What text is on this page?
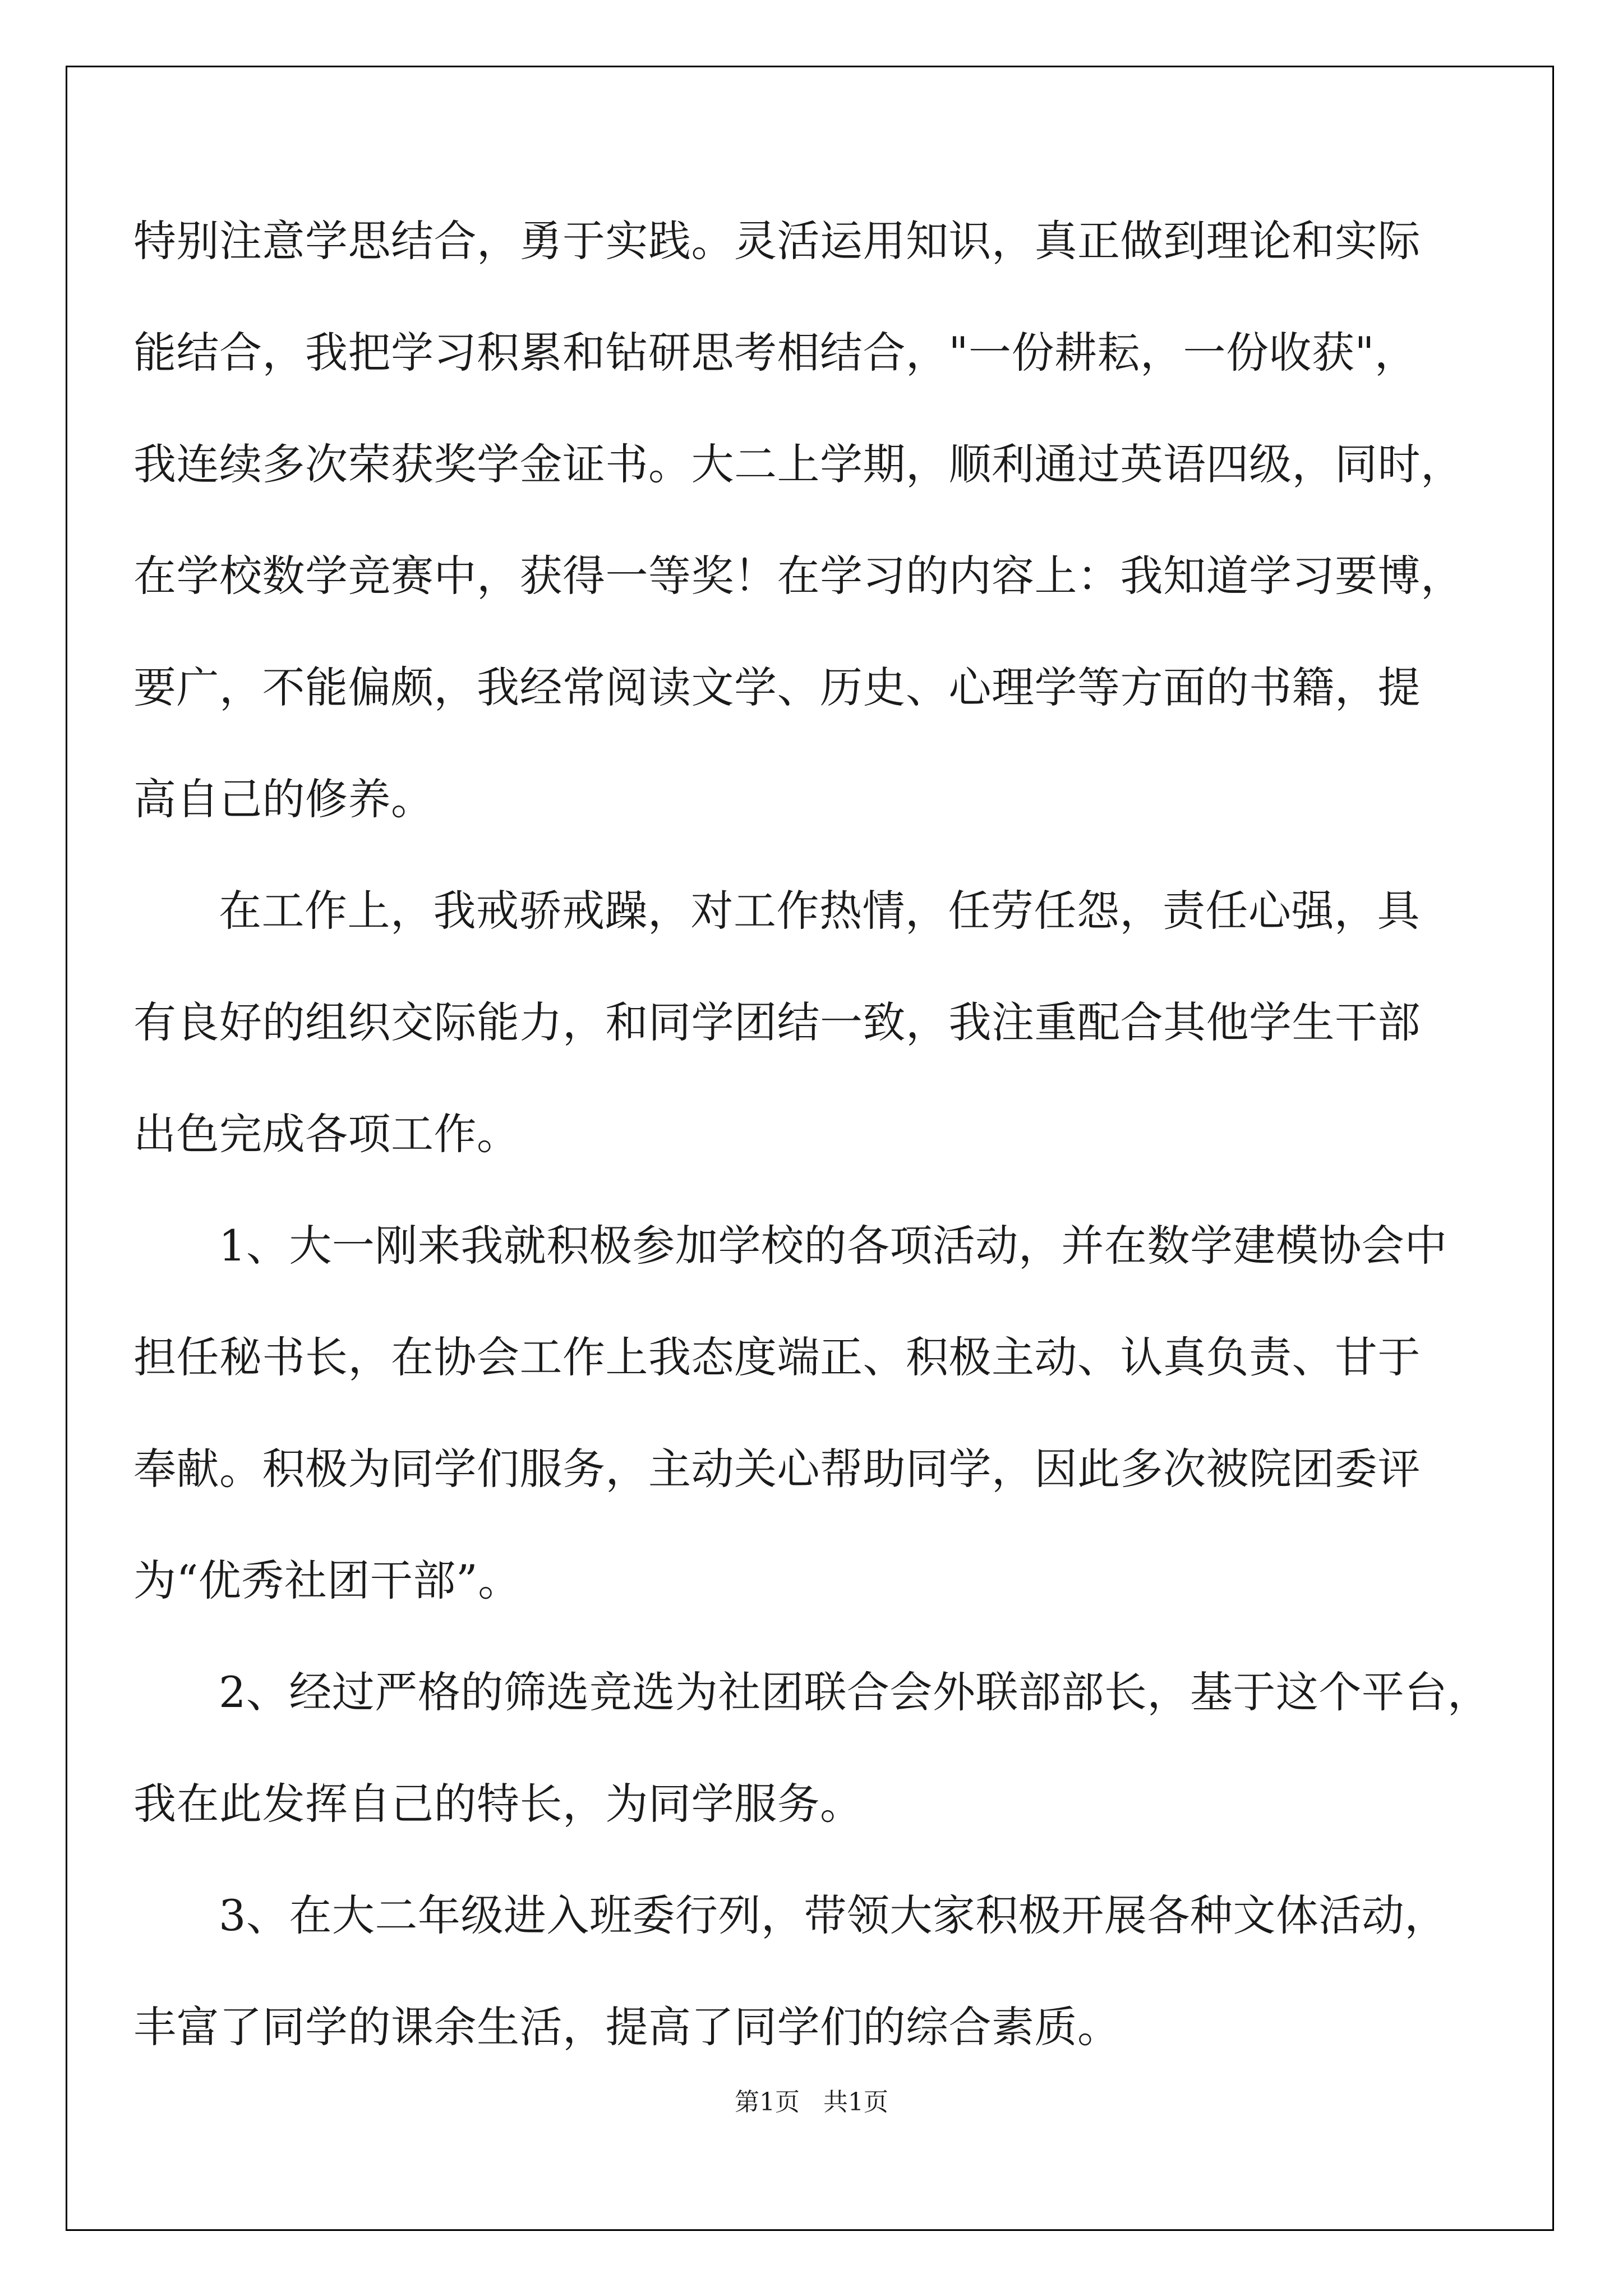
特别注意学思结合，勇于实践。灵活运用知识，真正做到理论和实际
能结合，我把学习积累和钻研思考相结合，"一份耕耘，一份收获"，
我连续多次荣获奖学金证书。大二上学期，顺利通过英语四级，同时，
在学校数学竞赛中，获得一等奖！在学习的内容上：我知道学习要博，
要广，不能偏颇，我经常阅读文学、历史、心理学等方面的书籍，提
高自己的修养。
在工作上，我戒骄戒躁，对工作热情，任劳任怨，责任心强，具
有良好的组织交际能力，和同学团结一致，我注重配合其他学生干部
出色完成各项工作。
1、大一刚来我就积极参加学校的各项活动，并在数学建模协会中
担任秘书长，在协会工作上我态度端正、积极主动、认真负责、甘于
奉献。积极为同学们服务，主动关心帮助同学，因此多次被院团委评
为“优秀社团干部”。
2、经过严格的筛选竞选为社团联合会外联部部长，基于这个平台，
我在此发挥自己的特长，为同学服务。
3、在大二年级进入班委行列，带领大家积极开展各种文体活动，
丰富了同学的课余生活，提高了同学们的综合素质。
第1页   共1页
